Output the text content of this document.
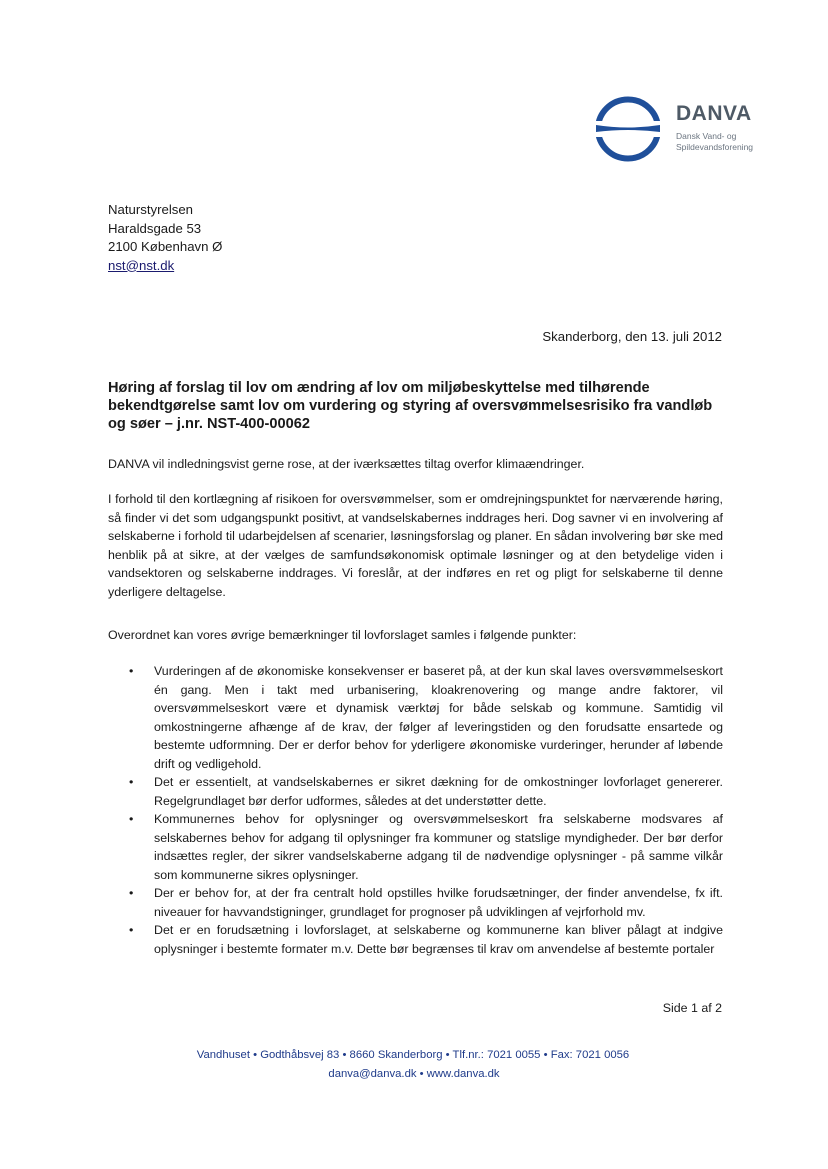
DANVA
Dansk Vand- og
Spildevandsforening
Naturstyrelsen
Haraldsgade 53
2100 København Ø
nst@nst.dk
Skanderborg, den 13. juli 2012
Høring af forslag til lov om ændring af lov om miljøbeskyttelse med tilhørende bekendtgørelse samt lov om vurdering og styring af oversvømmelsesrisiko fra vandløb og søer – j.nr. NST-400-00062
DANVA vil indledningsvist gerne rose, at der iværksættes tiltag overfor klimaændringer.
I forhold til den kortlægning af risikoen for oversvømmelser, som er omdrejningspunktet for nærværende høring, så finder vi det som udgangspunkt positivt, at vandselskabernes inddrages heri. Dog savner vi en involvering af selskaberne i forhold til udarbejdelsen af scenarier, løsningsforslag og planer. En sådan involvering bør ske med henblik på at sikre, at der vælges de samfundsøkonomisk optimale løsninger og at den betydelige viden i vandsektoren og selskaberne inddrages. Vi foreslår, at der indføres en ret og pligt for selskaberne til denne yderligere deltagelse.
Overordnet kan vores øvrige bemærkninger til lovforslaget samles i følgende punkter:
• Vurderingen af de økonomiske konsekvenser er baseret på, at der kun skal laves oversvømmelseskort én gang. Men i takt med urbanisering, kloakrenovering og mange andre faktorer, vil oversvømmelseskort være et dynamisk værktøj for både selskab og kommune. Samtidig vil omkostningerne afhænge af de krav, der følger af leveringstiden og den forudsatte ensartede og bestemte udformning. Der er derfor behov for yderligere økonomiske vurderinger, herunder af løbende drift og vedligehold.
• Det er essentielt, at vandselskabernes er sikret dækning for de omkostninger lovforlaget genererer. Regelgrundlaget bør derfor udformes, således at det understøtter dette.
• Kommunernes behov for oplysninger og oversvømmelseskort fra selskaberne modsvares af selskabernes behov for adgang til oplysninger fra kommuner og statslige myndigheder. Der bør derfor indsættes regler, der sikrer vandselskaberne adgang til de nødvendige oplysninger - på samme vilkår som kommunerne sikres oplysninger.
• Der er behov for, at der fra centralt hold opstilles hvilke forudsætninger, der finder anvendelse, fx ift. niveauer for havvandstigninger, grundlaget for prognoser på udviklingen af vejrforhold mv.
• Det er en forudsætning i lovforslaget, at selskaberne og kommunerne kan bliver pålagt at indgive oplysninger i bestemte formater m.v. Dette bør begrænses til krav om anvendelse af bestemte portaler
Side 1 af 2
Vandhuset • Godthåbsvej 83 • 8660 Skanderborg • Tlf.nr.: 7021 0055 • Fax: 7021 0056
danva@danva.dk • www.danva.dk
